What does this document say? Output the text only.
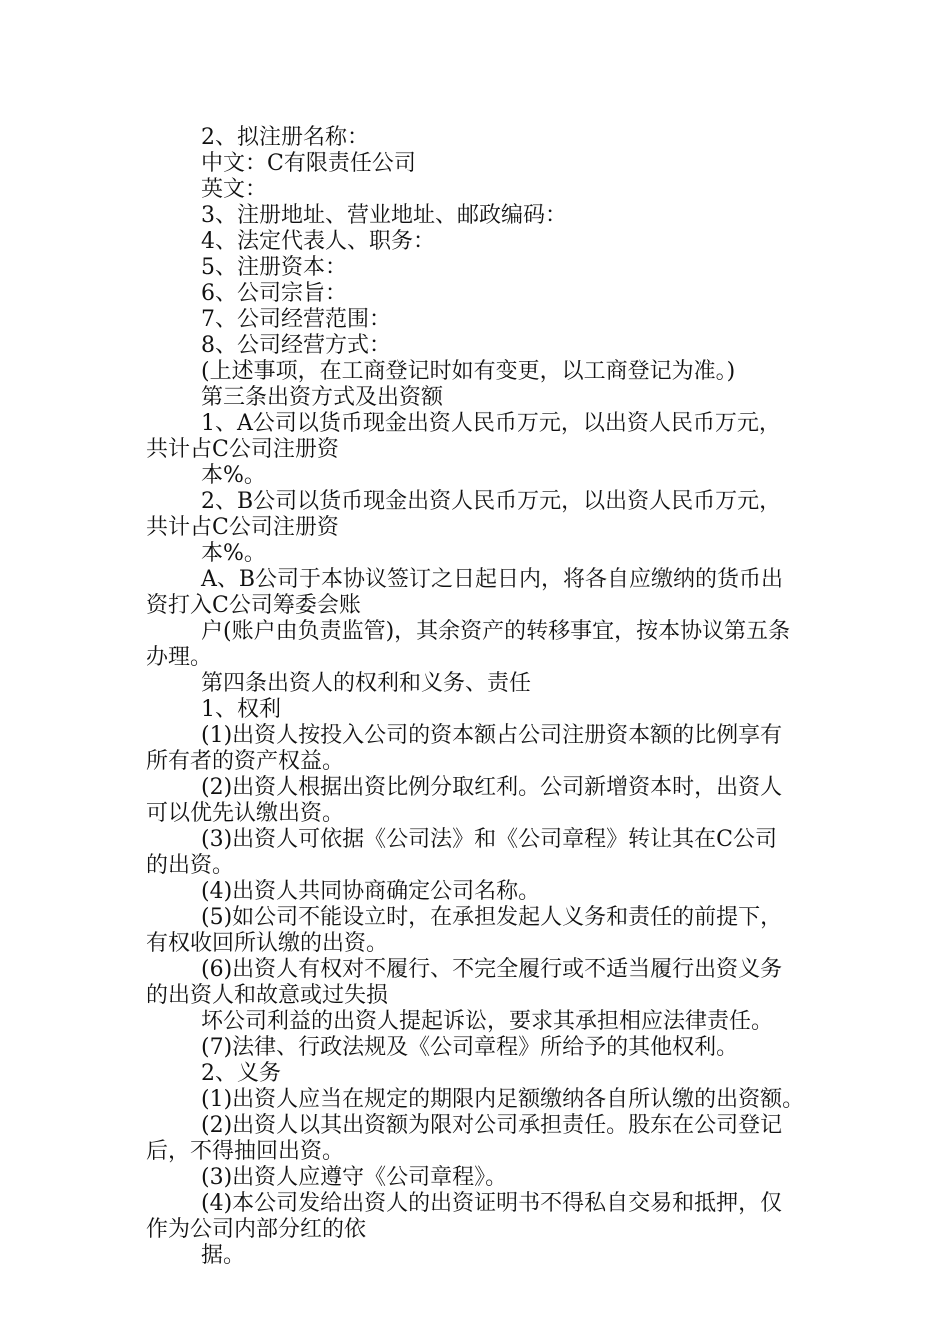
2、拟注册名称：
中文：C有限责任公司
英文：
3、注册地址、营业地址、邮政编码：
4、法定代表人、职务：
5、注册资本：
6、公司宗旨：
7、公司经营范围：
8、公司经营方式：
(上述事项，在工商登记时如有变更，以工商登记为准。)
第三条出资方式及出资额
1、A公司以货币现金出资人民币万元，以出资人民币万元，
共计占C公司注册资
本%。
2、B公司以货币现金出资人民币万元，以出资人民币万元，
共计占C公司注册资
本%。
A、B公司于本协议签订之日起日内，将各自应缴纳的货币出
资打入C公司筹委会账
户(账户由负责监管)，其余资产的转移事宜，按本协议第五条
办理。
第四条出资人的权利和义务、责任
1、权利
(1)出资人按投入公司的资本额占公司注册资本额的比例享有
所有者的资产权益。
(2)出资人根据出资比例分取红利。公司新增资本时，出资人
可以优先认缴出资。
(3)出资人可依据《公司法》和《公司章程》转让其在C公司
的出资。
(4)出资人共同协商确定公司名称。
(5)如公司不能设立时，在承担发起人义务和责任的前提下，
有权收回所认缴的出资。
(6)出资人有权对不履行、不完全履行或不适当履行出资义务
的出资人和故意或过失损
坏公司利益的出资人提起诉讼，要求其承担相应法律责任。
(7)法律、行政法规及《公司章程》所给予的其他权利。
2、义务
(1)出资人应当在规定的期限内足额缴纳各自所认缴的出资额。
(2)出资人以其出资额为限对公司承担责任。股东在公司登记
后，不得抽回出资。
(3)出资人应遵守《公司章程》。
(4)本公司发给出资人的出资证明书不得私自交易和抵押，仅
作为公司内部分红的依
据。
